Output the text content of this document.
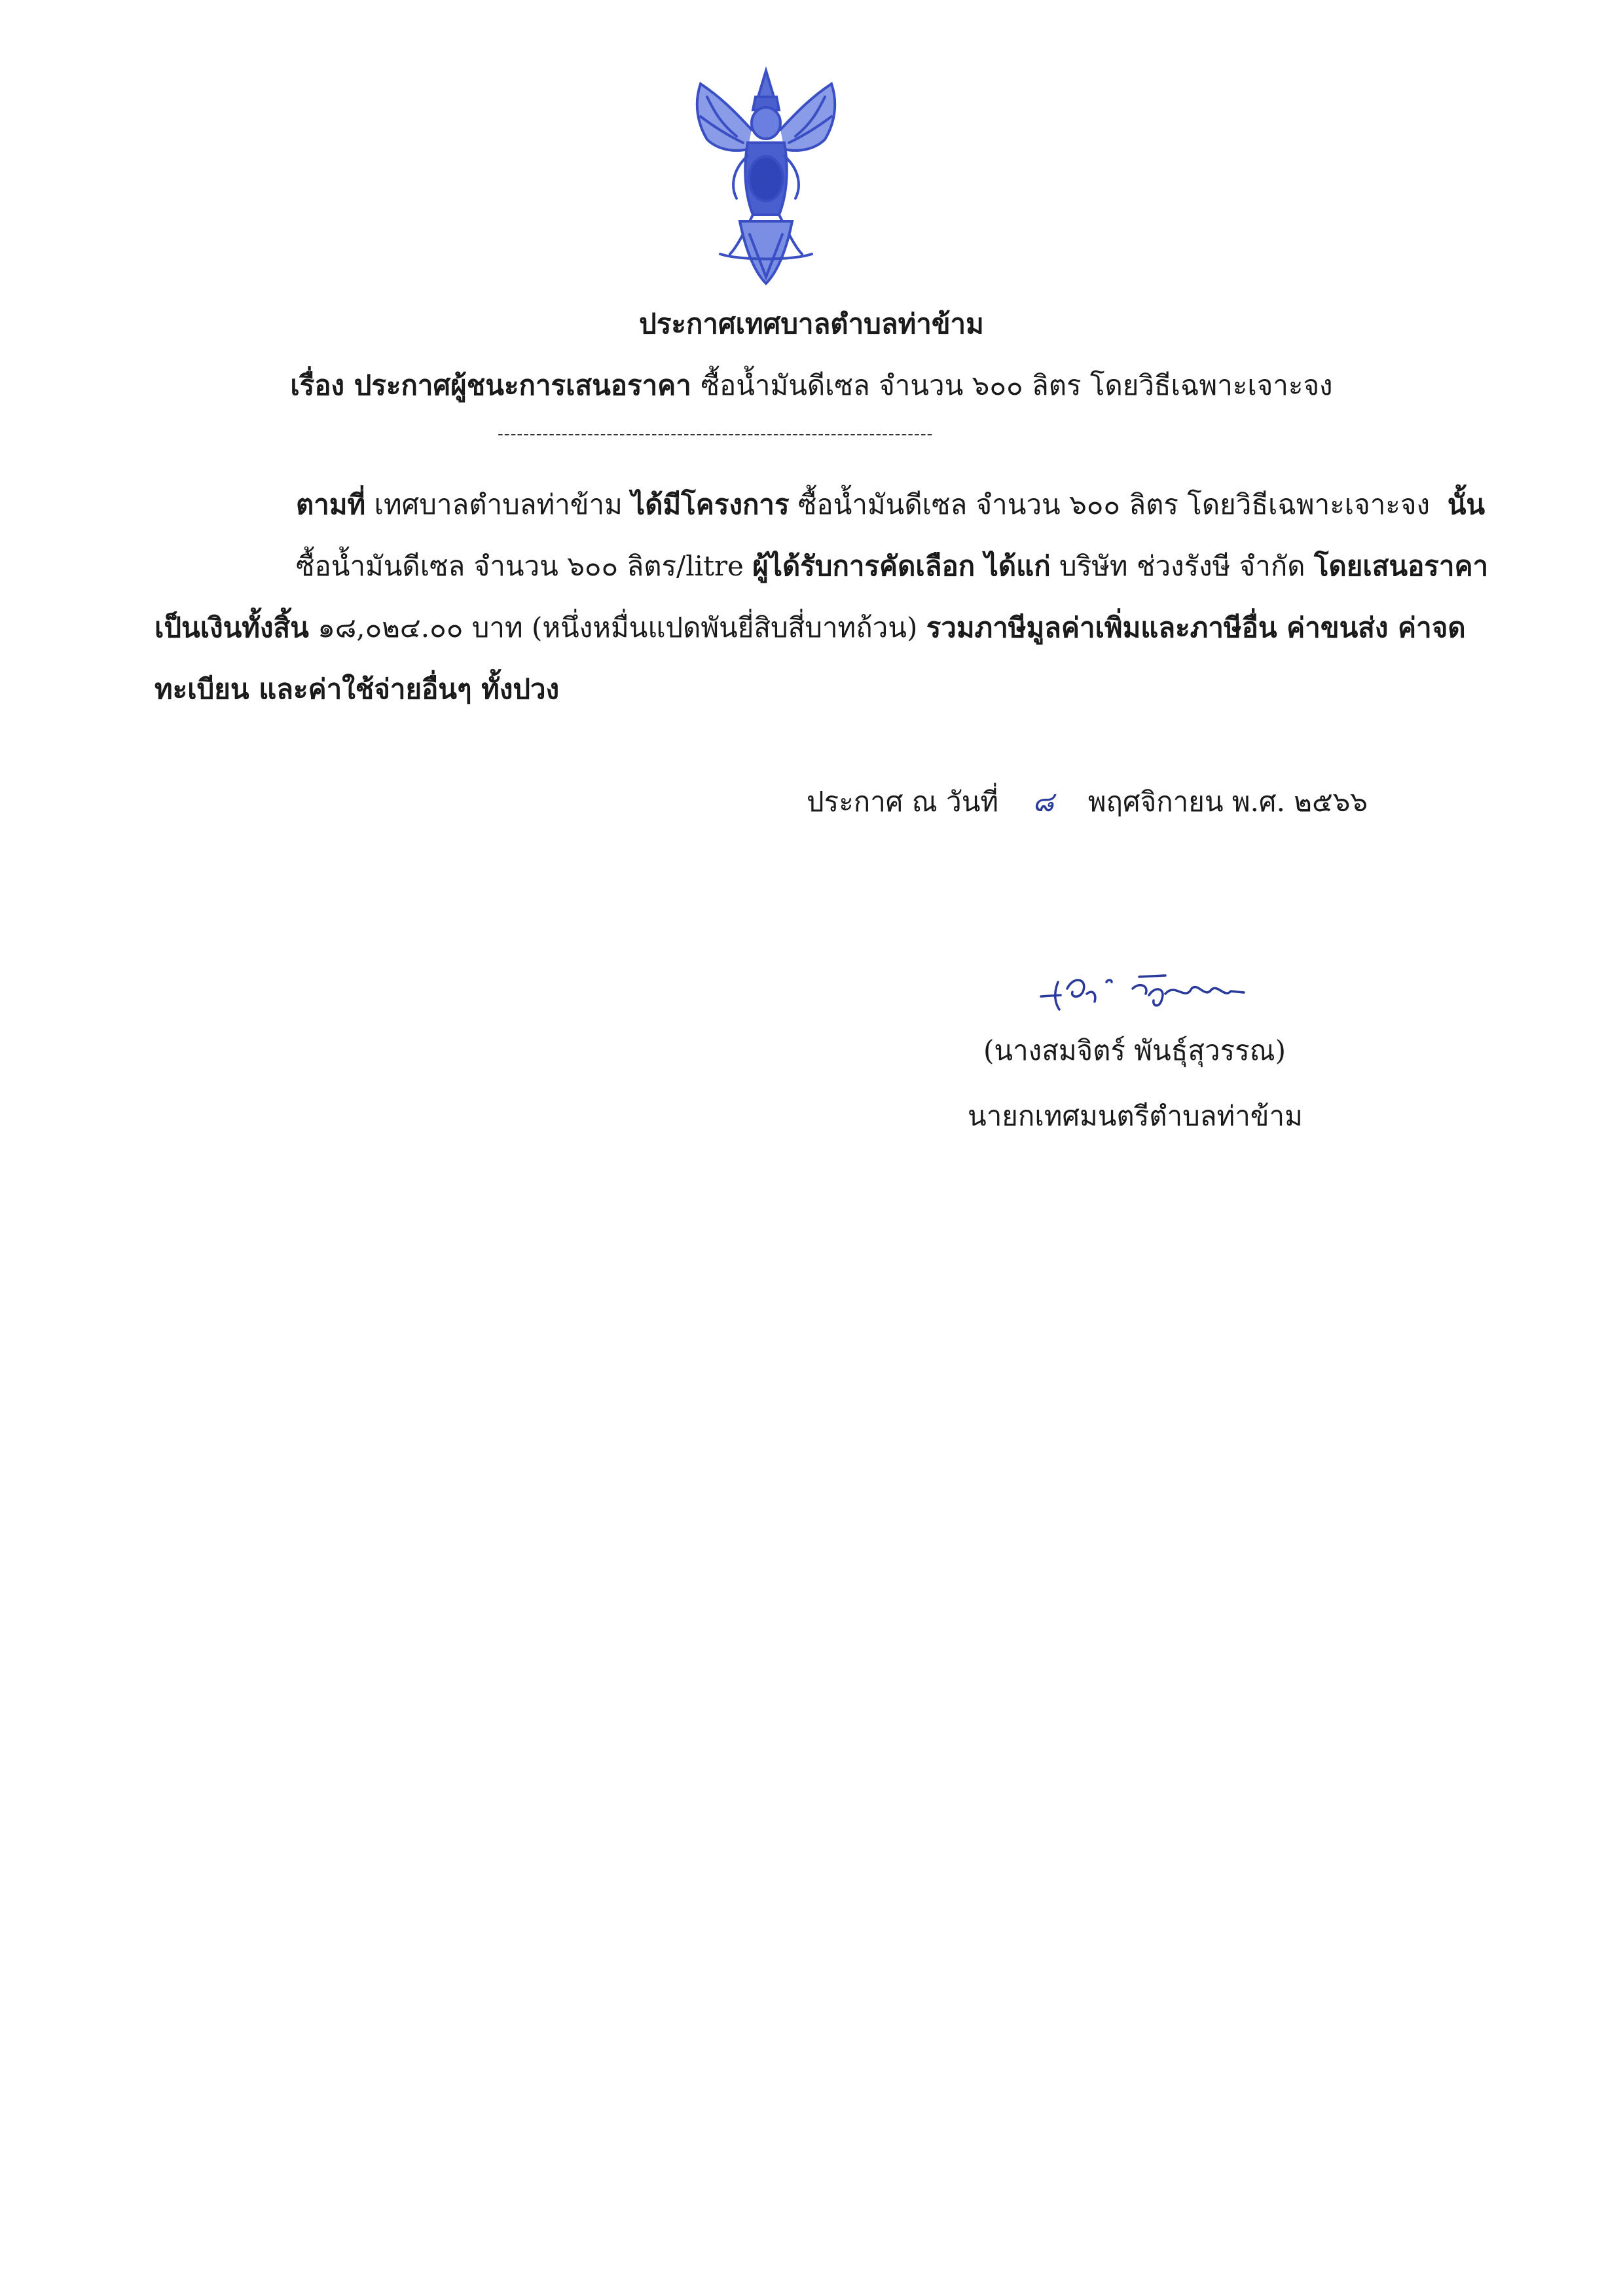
ประกาศเทศบาลตำบลท่าข้าม
เรื่อง ประกาศผู้ชนะการเสนอราคา ซื้อน้ำมันดีเซล จำนวน ๖๐๐ ลิตร โดยวิธีเฉพาะเจาะจง
--------------------------------------------------------------------
ตามที่ เทศบาลตำบลท่าข้าม ได้มีโครงการ ซื้อน้ำมันดีเซล จำนวน ๖๐๐ ลิตร โดยวิธีเฉพาะเจาะจง นั้น
ซื้อน้ำมันดีเซล จำนวน ๖๐๐ ลิตร/litre ผู้ได้รับการคัดเลือก ได้แก่ บริษัท ช่วงรังษี จำกัด โดยเสนอราคา
เป็นเงินทั้งสิ้น ๑๘,๐๒๔.๐๐ บาท (หนึ่งหมื่นแปดพันยี่สิบสี่บาทถ้วน) รวมภาษีมูลค่าเพิ่มและภาษีอื่น ค่าขนส่ง ค่าจด
ทะเบียน และค่าใช้จ่ายอื่นๆ ทั้งปวง
ประกาศ ณ วันที่ ๘ พฤศจิกายน พ.ศ. ๒๕๖๖
(นางสมจิตร์ พันธุ์สุวรรณ)
นายกเทศมนตรีตำบลท่าข้าม
